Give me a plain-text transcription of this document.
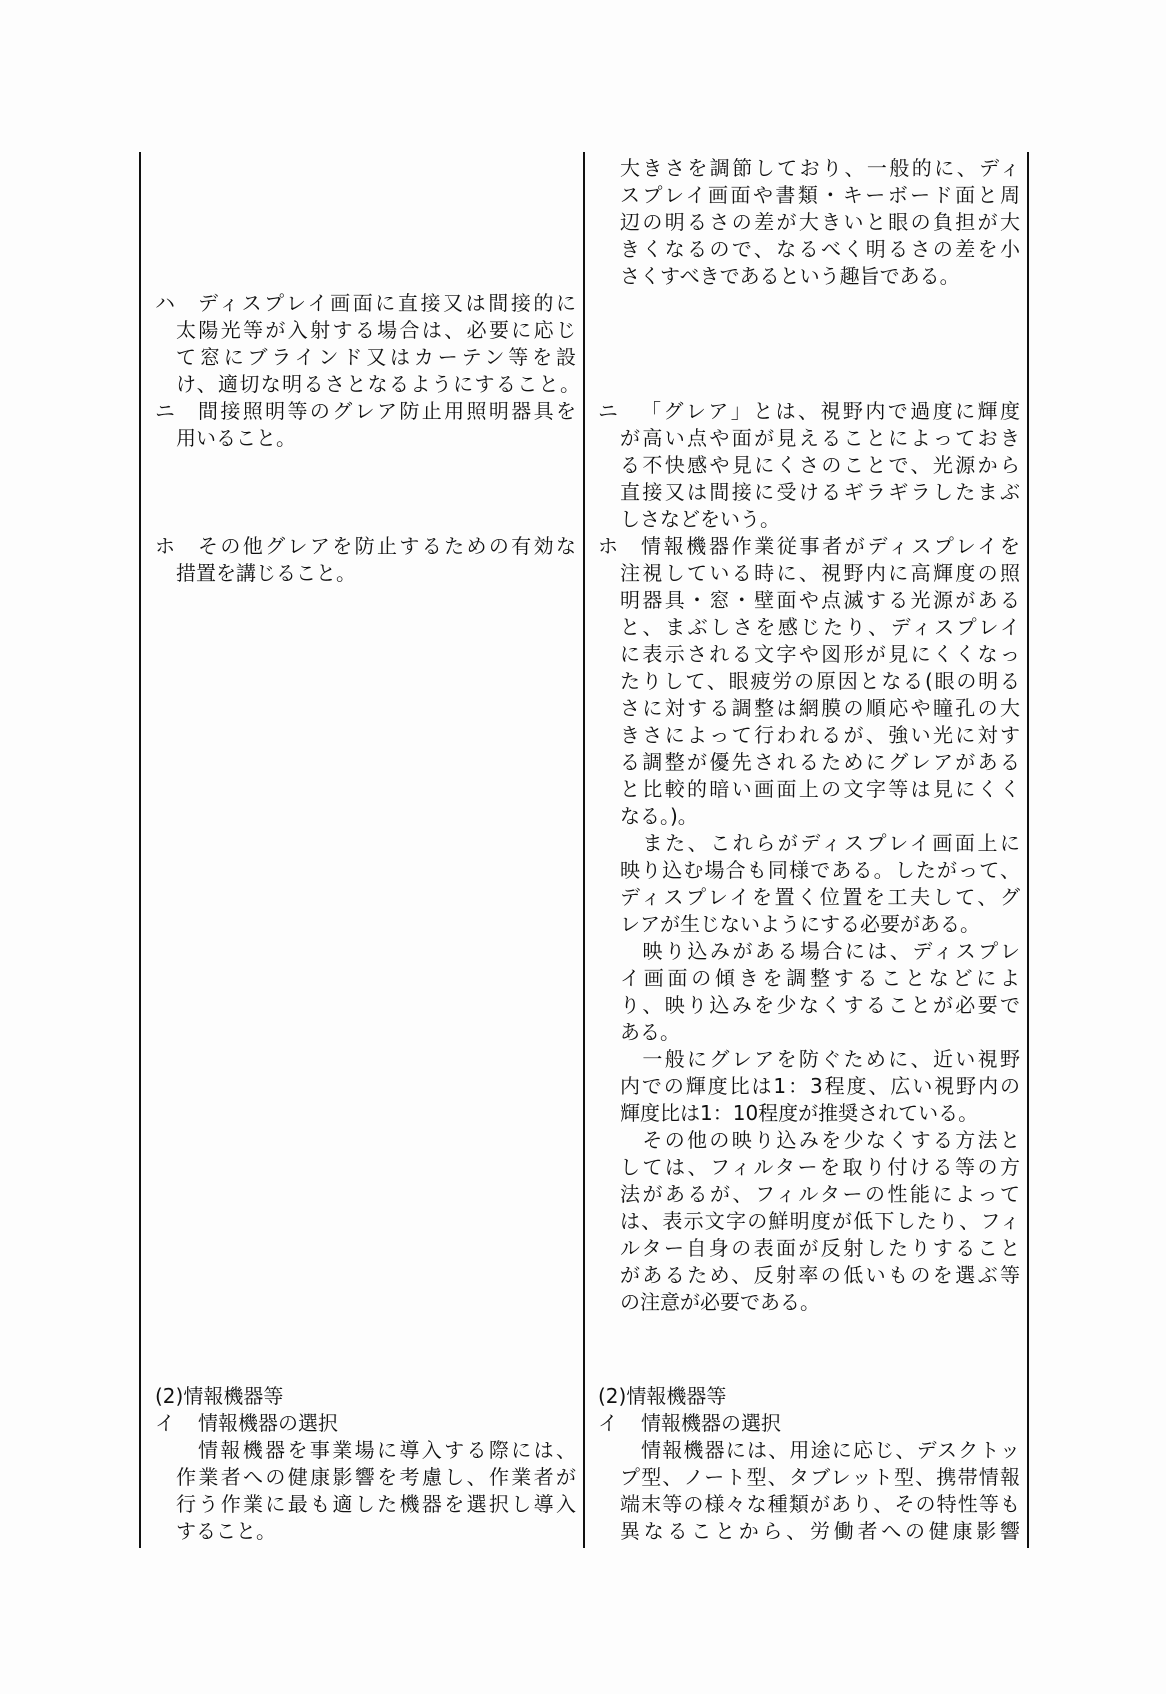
ハ ディスプレイ画面に直接又は間接的に
太陽光等が入射する場合は、必要に応じ
て窓にブラインド又はカーテン等を設
け、適切な明るさとなるようにすること。
ニ 間接照明等のグレア防止用照明器具を
用いること。
ホ その他グレアを防止するための有効な
措置を講じること。
(2)情報機器等
イ 情報機器の選択
情報機器を事業場に導入する際には、
作業者への健康影響を考慮し、作業者が
行う作業に最も適した機器を選択し導入
すること。
大きさを調節しており、一般的に、ディ
スプレイ画面や書類・キーボード面と周
辺の明るさの差が大きいと眼の負担が大
きくなるので、なるべく明るさの差を小
さくすべきであるという趣旨である。
ニ 「グレア」とは、視野内で過度に輝度
が高い点や面が見えることによっておき
る不快感や見にくさのことで、光源から
直接又は間接に受けるギラギラしたまぶ
しさなどをいう。
ホ 情報機器作業従事者がディスプレイを
注視している時に、視野内に高輝度の照
明器具・窓・壁面や点滅する光源がある
と、まぶしさを感じたり、ディスプレイ
に表示される文字や図形が見にくくなっ
たりして、眼疲労の原因となる(眼の明る
さに対する調整は網膜の順応や瞳孔の大
きさによって行われるが、強い光に対す
る調整が優先されるためにグレアがある
と比較的暗い画面上の文字等は見にくく
なる。)。
　また、これらがディスプレイ画面上に
映り込む場合も同様である。したがって、
ディスプレイを置く位置を工夫して、グ
レアが生じないようにする必要がある。
　映り込みがある場合には、ディスプレ
イ画面の傾きを調整することなどによ
り、映り込みを少なくすることが必要で
ある。
　一般にグレアを防ぐために、近い視野
内での輝度比は1：3程度、広い視野内の
輝度比は1：10程度が推奨されている。
　その他の映り込みを少なくする方法と
しては、フィルターを取り付ける等の方
法があるが、フィルターの性能によって
は、表示文字の鮮明度が低下したり、フィ
ルター自身の表面が反射したりすること
があるため、反射率の低いものを選ぶ等
の注意が必要である。
(2)情報機器等
イ 情報機器の選択
情報機器には、用途に応じ、デスクトッ
プ型、ノート型、タブレット型、携帯情報
端末等の様々な種類があり、その特性等も
異なることから、労働者への健康影響
